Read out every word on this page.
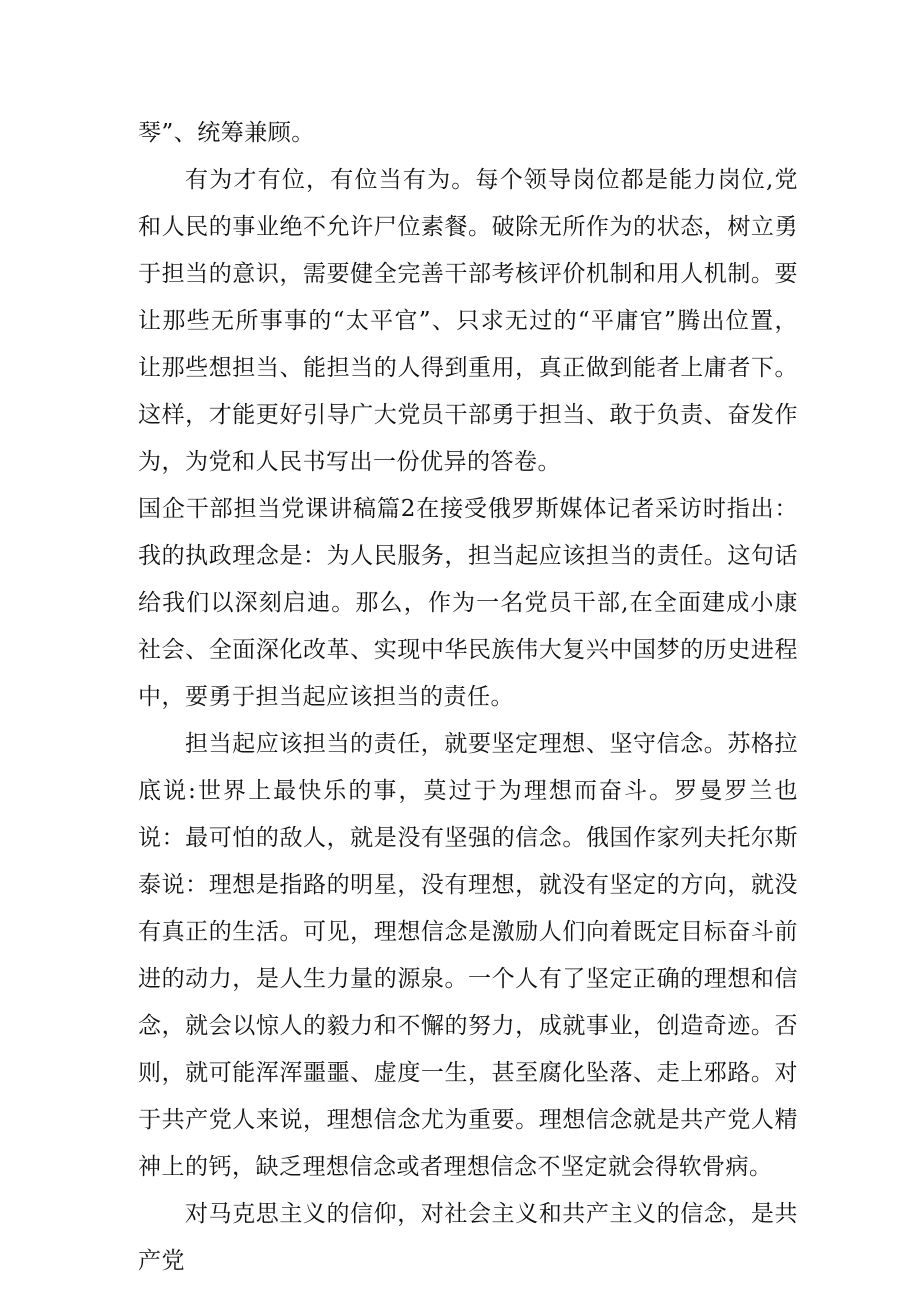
琴”、统筹兼顾。

有为才有位，有位当有为。每个领导岗位都是能力岗位,党和人民的事业绝不允许尸位素餐。破除无所作为的状态，树立勇于担当的意识，需要健全完善干部考核评价机制和用人机制。要让那些无所事事的“太平官”、只求无过的“平庸官”腾出位置，让那些想担当、能担当的人得到重用，真正做到能者上庸者下。这样，才能更好引导广大党员干部勇于担当、敢于负责、奋发作为，为党和人民书写出一份优异的答卷。

国企干部担当党课讲稿篇2在接受俄罗斯媒体记者采访时指出：我的执政理念是：为人民服务，担当起应该担当的责任。这句话给我们以深刻启迪。那么，作为一名党员干部,在全面建成小康社会、全面深化改革、实现中华民族伟大复兴中国梦的历史进程中，要勇于担当起应该担当的责任。

担当起应该担当的责任，就要坚定理想、坚守信念。苏格拉底说:世界上最快乐的事，莫过于为理想而奋斗。罗曼罗兰也说：最可怕的敌人，就是没有坚强的信念。俄国作家列夫托尔斯泰说：理想是指路的明星，没有理想，就没有坚定的方向，就没有真正的生活。可见，理想信念是激励人们向着既定目标奋斗前进的动力，是人生力量的源泉。一个人有了坚定正确的理想和信念，就会以惊人的毅力和不懈的努力，成就事业，创造奇迹。否则，就可能浑浑噩噩、虚度一生，甚至腐化坠落、走上邪路。对于共产党人来说，理想信念尤为重要。理想信念就是共产党人精神上的钙，缺乏理想信念或者理想信念不坚定就会得软骨病。

对马克思主义的信仰，对社会主义和共产主义的信念，是共产党
